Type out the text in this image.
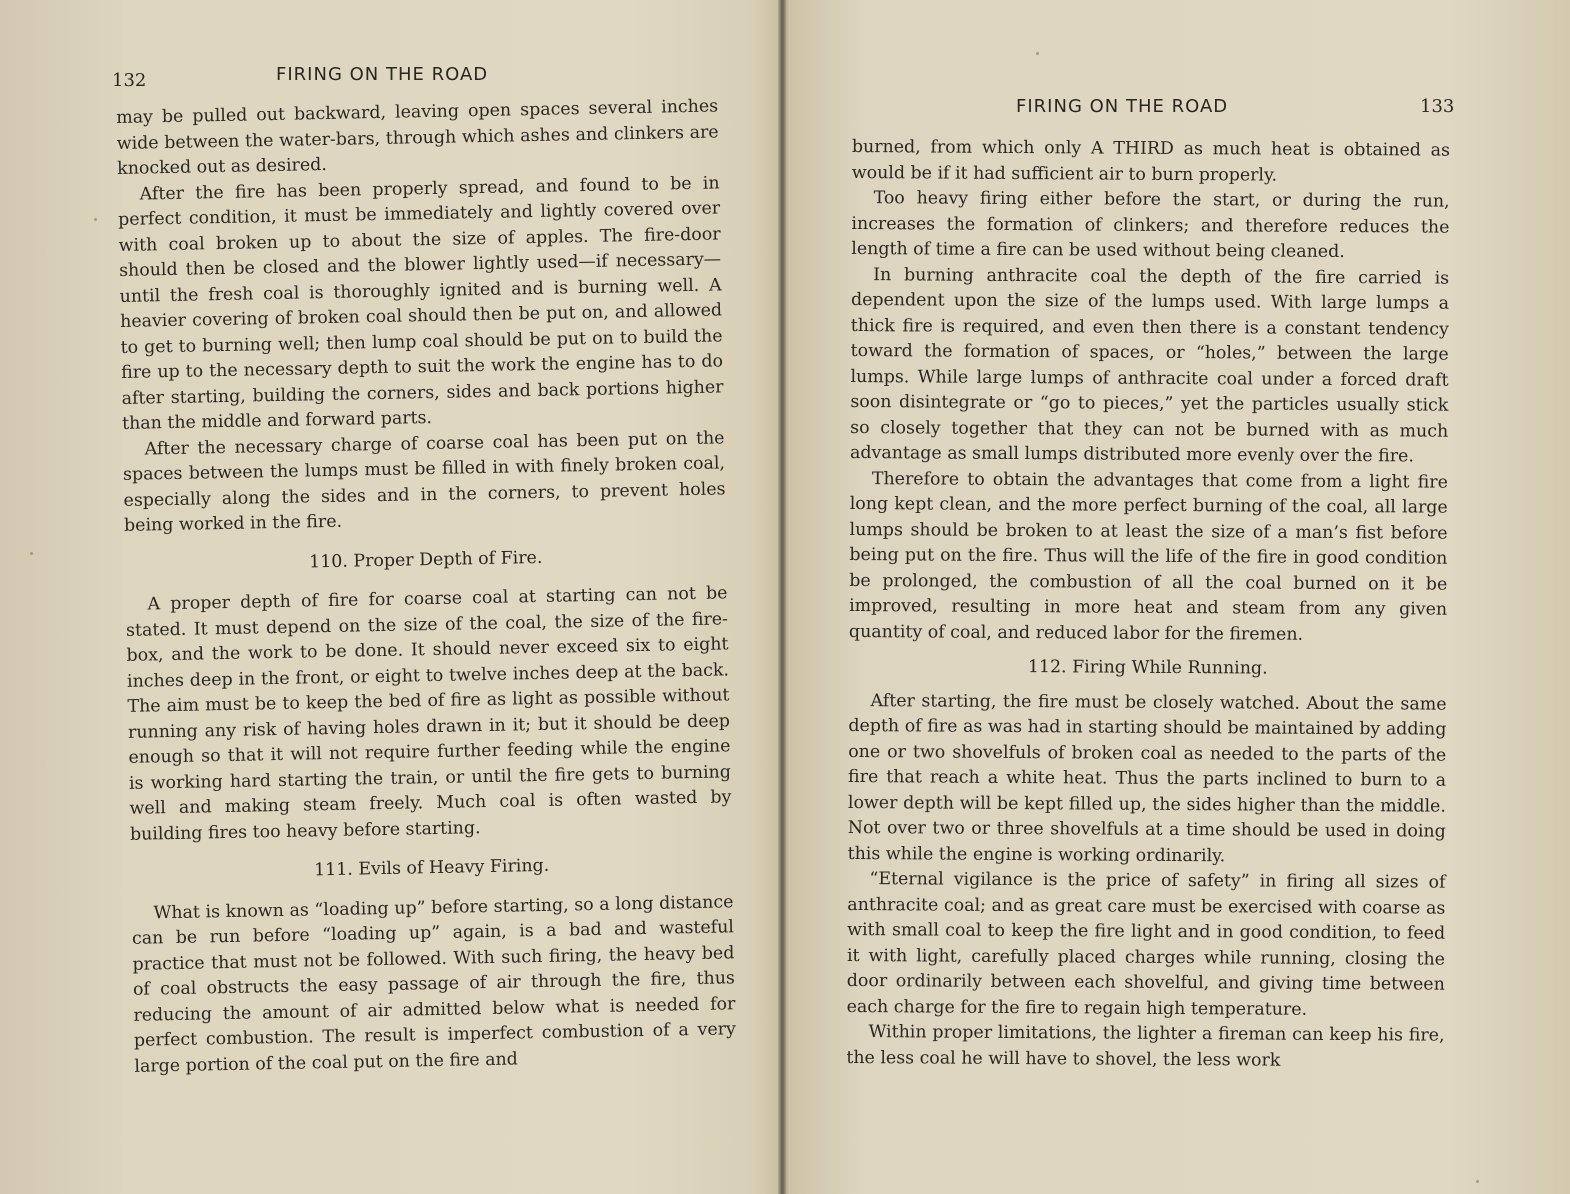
132	FIRING ON THE ROAD

may be pulled out backward, leaving open spaces several inches wide between the water-bars, through which ashes and clinkers are knocked out as desired.

After the fire has been properly spread, and found to be in perfect condition, it must be immediately and lightly covered over with coal broken up to about the size of apples. The fire-door should then be closed and the blower lightly used—if necessary—until the fresh coal is thoroughly ignited and is burning well. A heavier covering of broken coal should then be put on, and allowed to get to burning well; then lump coal should be put on to build the fire up to the necessary depth to suit the work the engine has to do after starting, building the corners, sides and back portions higher than the middle and forward parts.

After the necessary charge of coarse coal has been put on the spaces between the lumps must be filled in with finely broken coal, especially along the sides and in the corners, to prevent holes being worked in the fire.

110. Proper Depth of Fire.

A proper depth of fire for coarse coal at starting can not be stated. It must depend on the size of the coal, the size of the fire-box, and the work to be done. It should never exceed six to eight inches deep in the front, or eight to twelve inches deep at the back. The aim must be to keep the bed of fire as light as possible without running any risk of having holes drawn in it; but it should be deep enough so that it will not require further feeding while the engine is working hard starting the train, or until the fire gets to burning well and making steam freely. Much coal is often wasted by building fires too heavy before starting.

111. Evils of Heavy Firing.

What is known as “loading up” before starting, so a long distance can be run before “loading up” again, is a bad and wasteful practice that must not be followed. With such firing, the heavy bed of coal obstructs the easy passage of air through the fire, thus reducing the amount of air admitted below what is needed for perfect combustion. The result is imperfect combustion of a very large portion of the coal put on the fire and

FIRING ON THE ROAD	133

burned, from which only A THIRD as much heat is obtained as would be if it had sufficient air to burn properly.

Too heavy firing either before the start, or during the run, increases the formation of clinkers; and therefore reduces the length of time a fire can be used without being cleaned.

In burning anthracite coal the depth of the fire carried is dependent upon the size of the lumps used. With large lumps a thick fire is required, and even then there is a constant tendency toward the formation of spaces, or “holes,” between the large lumps. While large lumps of anthracite coal under a forced draft soon disintegrate or “go to pieces,” yet the particles usually stick so closely together that they can not be burned with as much advantage as small lumps distributed more evenly over the fire.

Therefore to obtain the advantages that come from a light fire long kept clean, and the more perfect burning of the coal, all large lumps should be broken to at least the size of a man’s fist before being put on the fire. Thus will the life of the fire in good condition be prolonged, the combustion of all the coal burned on it be improved, resulting in more heat and steam from any given quantity of coal, and reduced labor for the firemen.

112. Firing While Running.

After starting, the fire must be closely watched. About the same depth of fire as was had in starting should be maintained by adding one or two shovelfuls of broken coal as needed to the parts of the fire that reach a white heat. Thus the parts inclined to burn to a lower depth will be kept filled up, the sides higher than the middle. Not over two or three shovelfuls at a time should be used in doing this while the engine is working ordinarily.

“Eternal vigilance is the price of safety” in firing all sizes of anthracite coal; and as great care must be exercised with coarse as with small coal to keep the fire light and in good condition, to feed it with light, carefully placed charges while running, closing the door ordinarily between each shovelful, and giving time between each charge for the fire to regain high temperature.

Within proper limitations, the lighter a fireman can keep his fire, the less coal he will have to shovel, the less work
